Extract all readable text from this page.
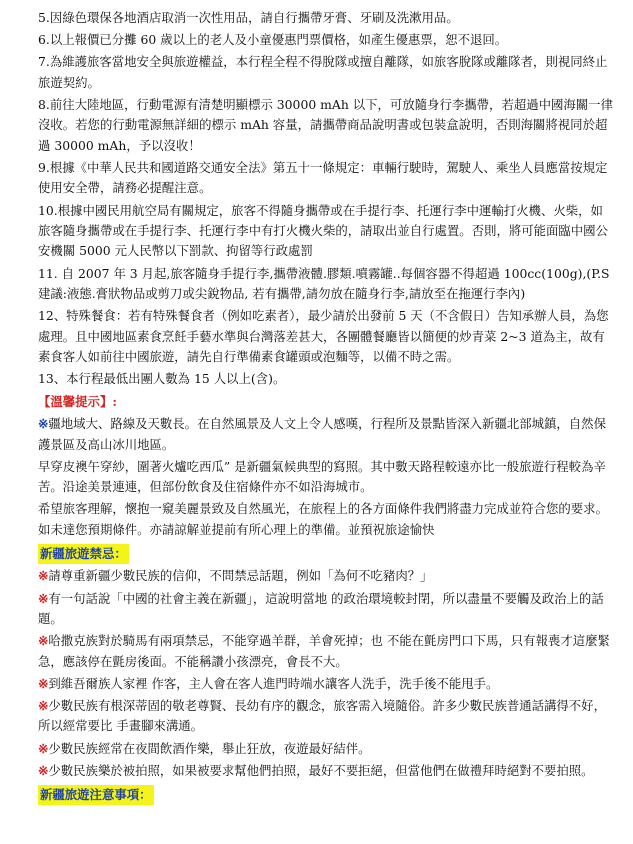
5.因綠色環保各地酒店取消一次性用品，請自行攜帶牙膏、牙刷及洗漱用品。

6.以上報價已分攤 60 歲以上的老人及小童優惠門票價格，如產生優惠票，恕不退回。

7.為維護旅客當地安全與旅遊權益，本行程全程不得脫隊或擅自離隊，如旅客脫隊或離隊者，則視同終止旅遊契約。

8.前往大陸地區，行動電源有清楚明顯標示 30000 mAh 以下，可放隨身行李攜帶，若超過中國海關一律沒收。若您的行動電源無詳細的標示 mAh 容量，請攜帶商品說明書或包裝盒說明，否則海關將視同於超過 30000 mAh，予以沒收！

9.根據《中華人民共和國道路交通安全法》第五十一條規定：車輛行駛時，駕駛人、乘坐人員應當按規定使用安全帶，請務必提醒注意。

10.根據中國民用航空局有關規定，旅客不得隨身攜帶或在手提行李、托運行李中運輸打火機、火柴，如旅客隨身攜帶或在手提行李、托運行李中有打火機火柴的，請取出並自行處置。否則，將可能面臨中國公安機關 5000 元人民幣以下罰款、拘留等行政處罰

11. 自 2007 年 3 月起,旅客隨身手提行李,攜帶液體.膠類.噴霧罐..每個容器不得超過 100cc(100g),(P.S 建議:液態.膏狀物品或剪刀或尖銳物品, 若有攜帶,請勿放在隨身行李,請放至在拖運行李內)

12、特殊餐食：若有特殊餐食者（例如吃素者），最少請於出發前 5 天（不含假日）告知承辦人員，為您處理。且中國地區素食烹飪手藝水準與台灣落差甚大，各團體餐廳皆以簡便的炒青菜 2~3 道為主，故有素食客人如前往中國旅遊，請先自行準備素食罐頭或泡麵等，以備不時之需。

13、本行程最低出團人數為 15 人以上(含)。

【溫馨提示】:

※疆地域大、路線及天數長。在自然風景及人文上令人感嘆，行程所及景點皆深入新疆北部城鎮，自然保護景區及高山冰川地區。

早穿皮襖午穿紗，圍著火爐吃西瓜” 是新疆氣候典型的寫照。其中數天路程較遠亦比一般旅遊行程較為辛苦。沿途美景連連，但部份飲食及住宿條件亦不如沿海城市。

希望旅客理解，懷抱一窺美麗景致及自然風光，在旅程上的各方面條件我們將盡力完成並符合您的要求。如未達您預期條件。亦請諒解並提前有所心理上的準備。並預祝旅途愉快

新疆旅遊禁忌：

※請尊重新疆少數民族的信仰，不問禁忌話題，例如「為何不吃豬肉？」

※有一句話說「中國的社會主義在新疆」，這說明當地 的政治環境較封閉，所以盡量不要觸及政治上的話題。

※哈撒克族對於騎馬有兩項禁忌，不能穿過羊群，羊會死掉；也 不能在氈房門口下馬，只有報喪才這麼緊急，應該停在氈房後面。不能稱讚小孩漂亮，會長不大。

※到維吾爾族人家裡 作客，主人會在客人進門時端水讓客人洗手，洗手後不能甩手。

※少數民族有根深蒂固的敬老尊賢、長幼有序的觀念，旅客需入境隨俗。許多少數民族普通話講得不好， 所以經常要比 手畫腳來溝通。

※少數民族經常在夜間飲酒作樂，舉止狂放，夜遊最好結伴。

※少數民族樂於被拍照，如果被要求幫他們拍照，最好不要拒絕，但當他們在做禮拜時絕對不要拍照。

新疆旅遊注意事項：
